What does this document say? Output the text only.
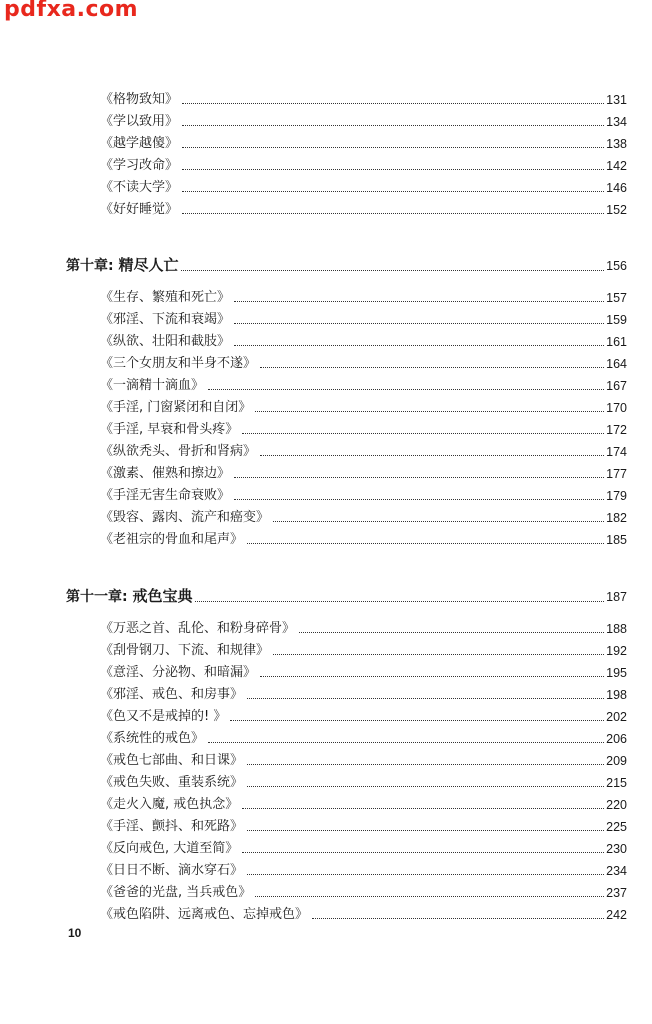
pdfxa.com
《格物致知》	131
《学以致用》	134
《越学越傻》	138
《学习改命》	142
《不读大学》	146
《好好睡觉》	152
第十章: 精尽人亡	156
《生存、繁殖和死亡》	157
《邪淫、下流和衰竭》	159
《纵欲、壮阳和截肢》	161
《三个女朋友和半身不遂》	164
《一滴精十滴血》	167
《手淫, 门窗紧闭和自闭》	170
《手淫, 早衰和骨头疼》	172
《纵欲秃头、骨折和肾病》	174
《激素、催熟和擦边》	177
《手淫无害生命衰败》	179
《毁容、露肉、流产和癌变》	182
《老祖宗的骨血和尾声》	185
第十一章: 戒色宝典	187
《万恶之首、乱伦、和粉身碎骨》	188
《刮骨钢刀、下流、和规律》	192
《意淫、分泌物、和暗漏》	195
《邪淫、戒色、和房事》	198
《色又不是戒掉的! 》	202
《系统性的戒色》	206
《戒色七部曲、和日课》	209
《戒色失败、重装系统》	215
《走火入魔, 戒色执念》	220
《手淫、颤抖、和死路》	225
《反向戒色, 大道至简》	230
《日日不断、滴水穿石》	234
《爸爸的光盘, 当兵戒色》	237
《戒色陷阱、远离戒色、忘掉戒色》	242
10
